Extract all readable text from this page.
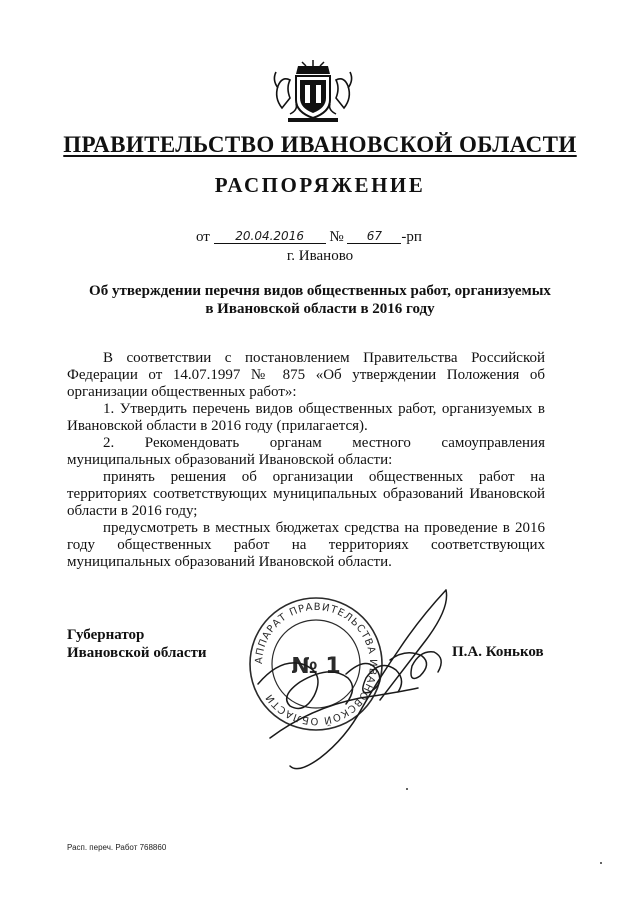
ПРАВИТЕЛЬСТВО ИВАНОВСКОЙ ОБЛАСТИ
РАСПОРЯЖЕНИЕ
от 20.04.2016 № 67 -рп
г. Иваново
Об утверждении перечня видов общественных работ, организуемых
в Ивановской области в 2016 году

В соответствии с постановлением Правительства Российской Федерации от 14.07.1997 № 875 «Об утверждении Положения об организации общественных работ»:

1. Утвердить перечень видов общественных работ, организуемых в Ивановской области в 2016 году (прилагается).

2. Рекомендовать органам местного самоуправления

муниципальных образований Ивановской области:

принять решения об организации общественных работ на территориях соответствующих муниципальных образований Ивановской области в 2016 году;

предусмотреть в местных бюджетах средства на проведение в 2016 году общественных работ на территориях соответствующих муниципальных образований Ивановской области.

Губернатор
Ивановской области	АППАРАТ ПРАВИТЕЛЬСТВА ИВАНОВСКОЙ ОБЛАСТИ
№ 1
П.А. Коньков
Расп. переч. Работ 768860
